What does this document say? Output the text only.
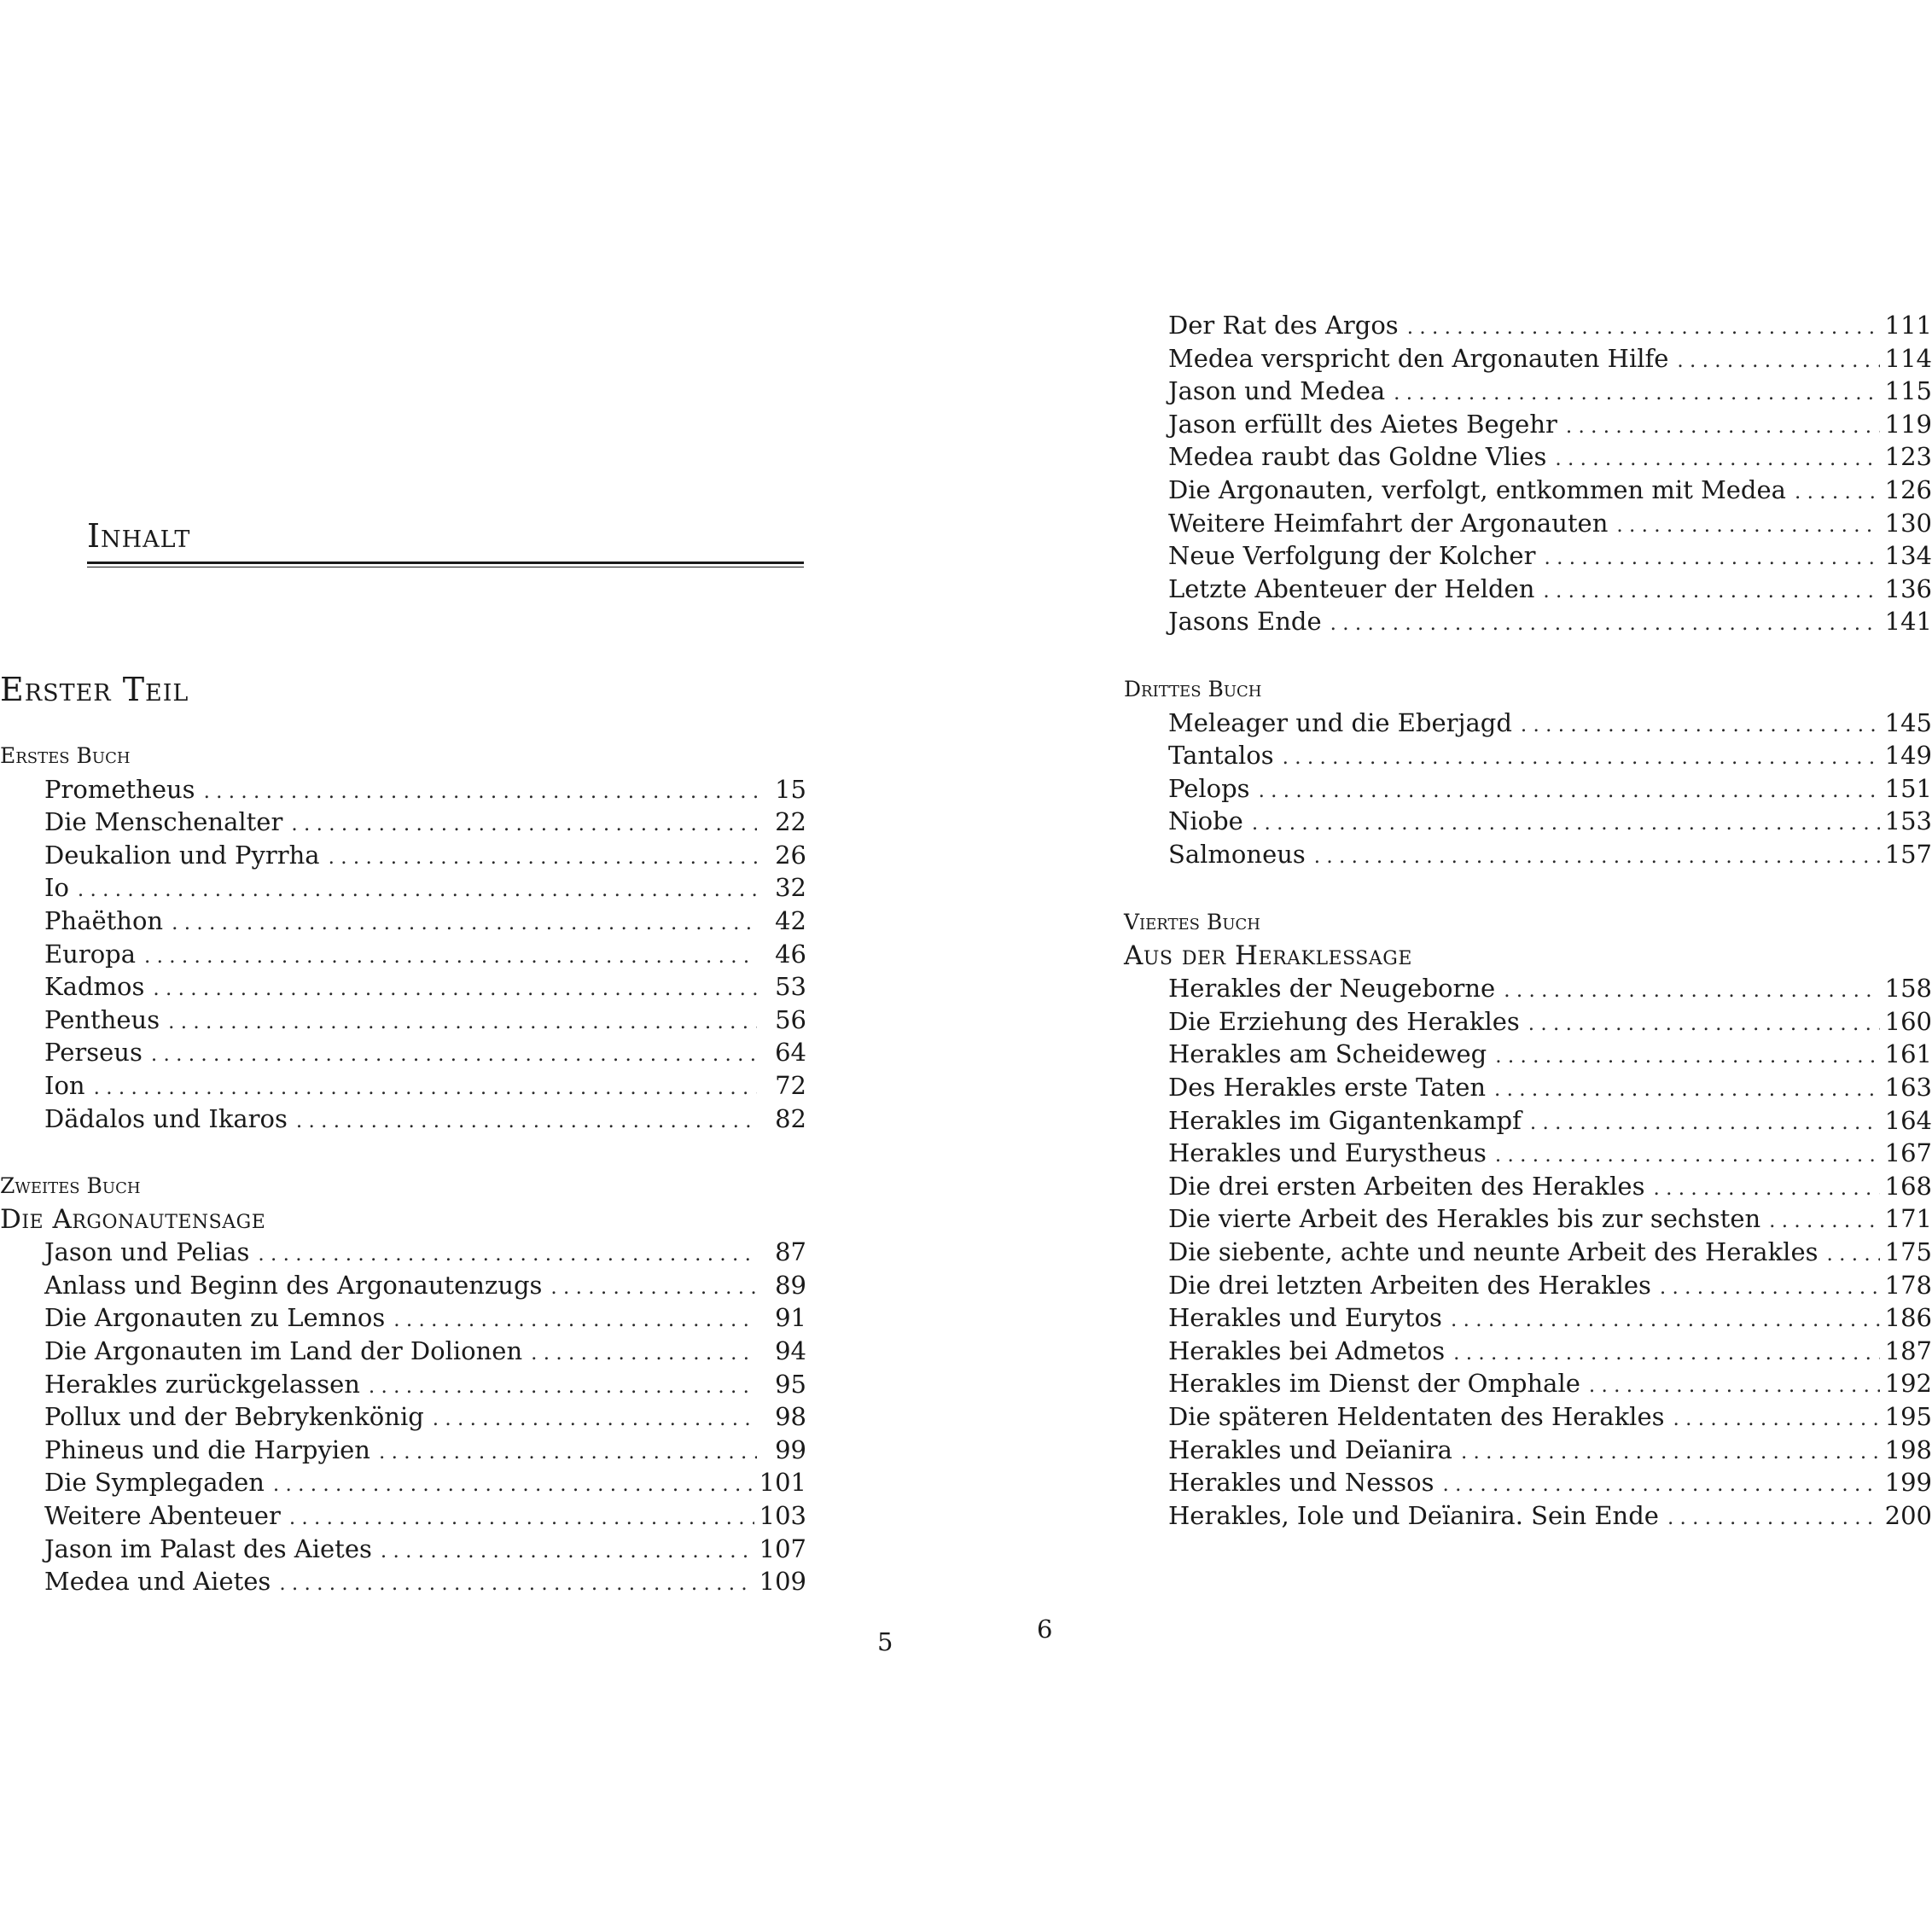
Inhalt
Erster Teil
Erstes Buch
Prometheus . . .	15
Die Menschenalter . . .	22
Deukalion und Pyrrha . . .	26
Io . . .	32
Phaëthon . . .	42
Europa . . .	46
Kadmos . . .	53
Pentheus . . .	56
Perseus . . .	64
Ion . . .	72
Dädalos und Ikaros . . .	82
Zweites Buch
Die Argonautensage
Jason und Pelias . . .	87
Anlass und Beginn des Argonautenzugs . . .	89
Die Argonauten zu Lemnos . . .	91
Die Argonauten im Land der Dolionen . . .	94
Herakles zurückgelassen . . .	95
Pollux und der Bebrykenkönig . . .	98
Phineus und die Harpyien . . .	99
Die Symplegaden . . .	101
Weitere Abenteuer . . .	103
Jason im Palast des Aietes . . .	107
Medea und Aietes . . .	109
5
Der Rat des Argos . . .	111
Medea verspricht den Argonauten Hilfe . . .	114
Jason und Medea . . .	115
Jason erfüllt des Aietes Begehr . . .	119
Medea raubt das Goldne Vlies . . .	123
Die Argonauten, verfolgt, entkommen mit Medea . . .	126
Weitere Heimfahrt der Argonauten . . .	130
Neue Verfolgung der Kolcher . . .	134
Letzte Abenteuer der Helden . . .	136
Jasons Ende . . .	141
Drittes Buch
Meleager und die Eberjagd . . .	145
Tantalos . . .	149
Pelops . . .	151
Niobe . . .	153
Salmoneus . . .	157
Viertes Buch
Aus der Heraklessage
Herakles der Neugeborne . . .	158
Die Erziehung des Herakles . . .	160
Herakles am Scheideweg . . .	161
Des Herakles erste Taten . . .	163
Herakles im Gigantenkampf . . .	164
Herakles und Eurystheus . . .	167
Die drei ersten Arbeiten des Herakles . . .	168
Die vierte Arbeit des Herakles bis zur sechsten . . .	171
Die siebente, achte und neunte Arbeit des Herakles . . .	175
Die drei letzten Arbeiten des Herakles . . .	178
Herakles und Eurytos . . .	186
Herakles bei Admetos . . .	187
Herakles im Dienst der Omphale . . .	192
Die späteren Heldentaten des Herakles . . .	195
Herakles und Deïanira . . .	198
Herakles und Nessos . . .	199
Herakles, Iole und Deïanira. Sein Ende . . .	200
6
